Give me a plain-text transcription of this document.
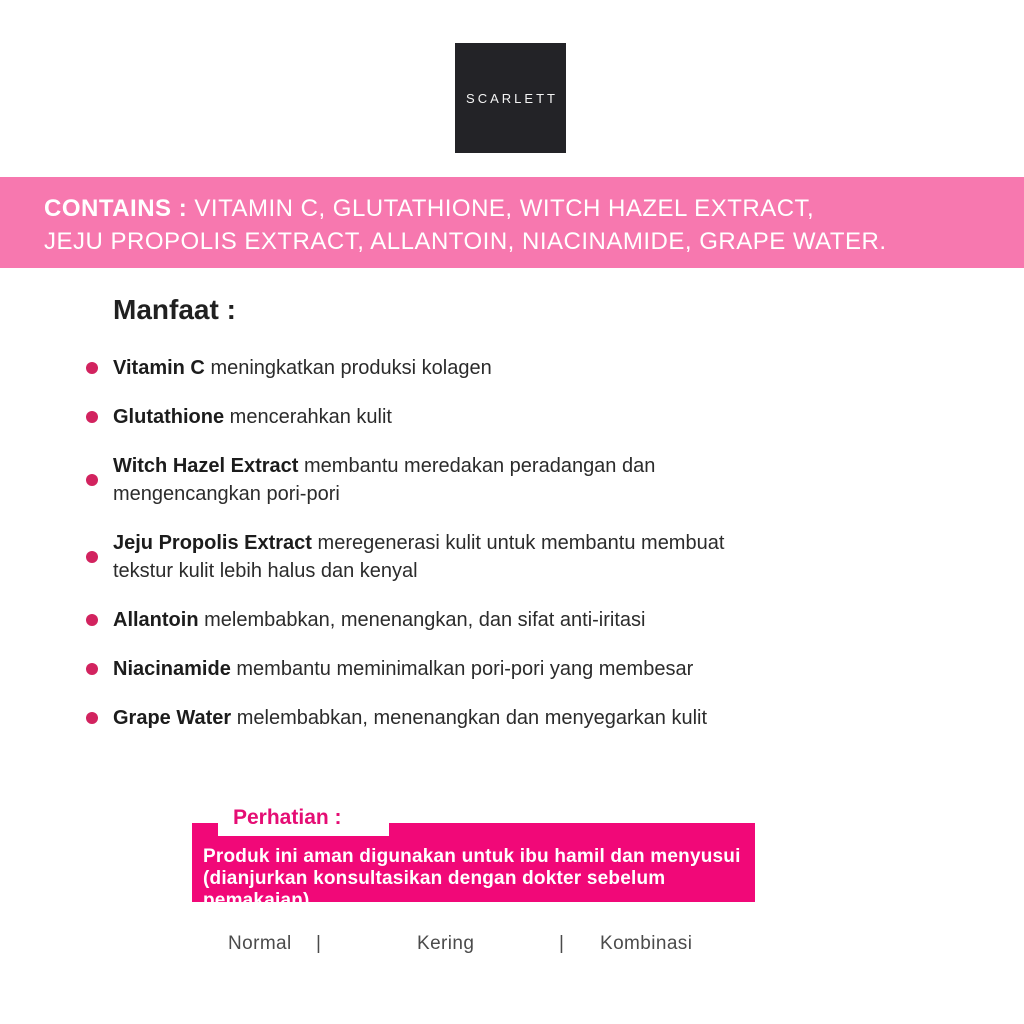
SCARLETT
CONTAINS : VITAMIN C, GLUTATHIONE, WITCH HAZEL EXTRACT,
JEJU PROPOLIS EXTRACT, ALLANTOIN, NIACINAMIDE, GRAPE WATER.
Manfaat :
Vitamin C meningkatkan produksi kolagen
Glutathione mencerahkan kulit
Witch Hazel Extract membantu meredakan peradangan dan mengencangkan pori-pori
Jeju Propolis Extract meregenerasi kulit untuk membantu membuat tekstur kulit lebih halus dan kenyal
Allantoin melembabkan, menenangkan, dan sifat anti-iritasi
Niacinamide membantu meminimalkan pori-pori yang membesar
Grape Water melembabkan, menenangkan dan menyegarkan kulit
Produk ini aman digunakan untuk ibu hamil dan menyusui
(dianjurkan konsultasikan dengan dokter sebelum pemakaian).
Perhatian :
Normal |	Kering	| Kombinasi
